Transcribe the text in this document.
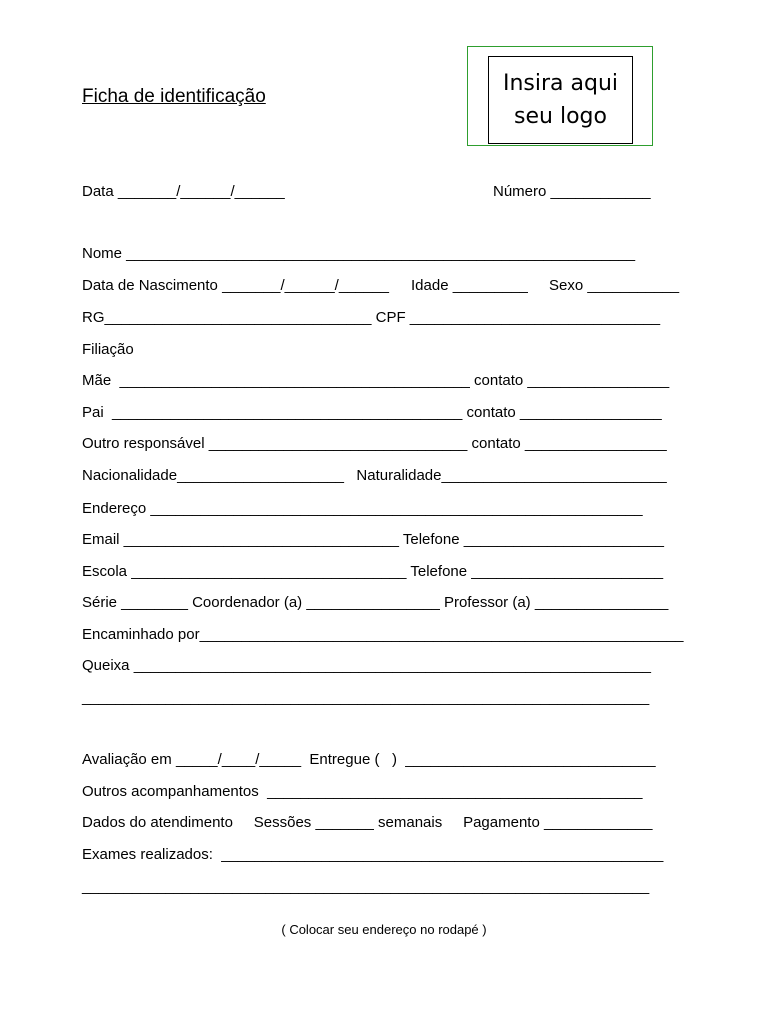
Ficha de identificação
Insira aqui
seu logo
Data _______/______/______	Número ____________
Nome _____________________________________________________________
Data de Nascimento _______/______/______ Idade _________ Sexo ___________
RG________________________________ CPF ______________________________
Filiação
Mãe  __________________________________________ contato _________________
Pai  __________________________________________ contato _________________
Outro responsável _______________________________ contato _________________
Nacionalidade____________________   Naturalidade___________________________
Endereço ___________________________________________________________
Email _________________________________ Telefone ________________________
Escola _________________________________ Telefone _______________________
Série ________ Coordenador (a) ________________ Professor (a) ________________
Encaminhado por__________________________________________________________
Queixa ______________________________________________________________
____________________________________________________________________
Avaliação em _____/____/_____  Entregue (   )  ______________________________
Outros acompanhamentos  _____________________________________________
Dados do atendimento     Sessões _______ semanais     Pagamento _____________
Exames realizados:  _____________________________________________________
____________________________________________________________________
( Colocar seu endereço no rodapé )
